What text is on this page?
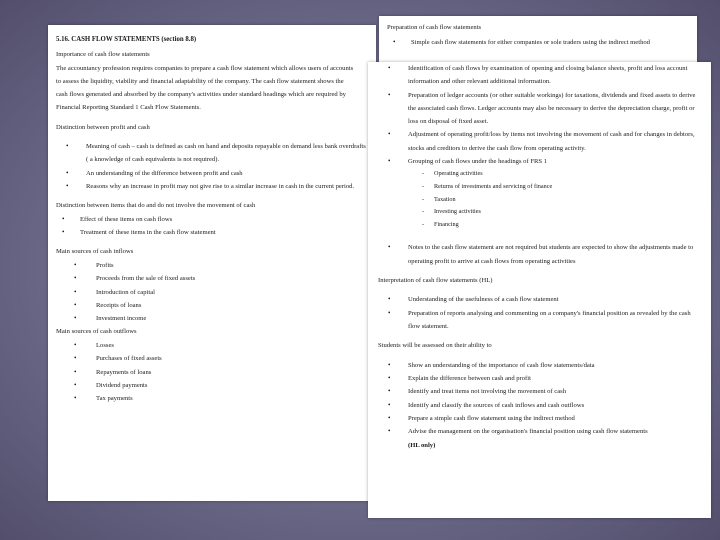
5.16. CASH FLOW STATEMENTS (section 8.8)
Importance of cash flow statements
The accountancy profession requires companies to prepare a cash flow statement which allows users of accounts to assess the liquidity, viability and financial adaptability of the company. The cash flow statement shows the cash flows generated and absorbed by the company's activities under standard headings which are required by Financial Reporting Standard 1 Cash Flow Statements.
Distinction between profit and cash
• Meaning of cash – cash is defined as cash on hand and deposits repayable on demand less bank overdrafts ( a knowledge of cash equivalents is not required).
• An understanding of the difference between profit and cash
• Reasons why an increase in profit may not give rise to a similar increase in cash in the current period.
Distinction between items that do and do not involve the movement of cash
• Effect of these items on cash flows
• Treatment of these items in the cash flow statement
Main sources of cash inflows
• Profits
• Proceeds from the sale of fixed assets
• Introduction of capital
• Receipts of loans
• Investment income
Main sources of cash outflows
• Losses
• Purchases of fixed assets
• Repayments of loans
• Dividend payments
• Tax payments
Preparation of cash flow statements
• Simple cash flow statements for either companies or sole traders using the indirect method
• Identification of cash flows by examination of opening and closing balance sheets, profit and loss account information and other relevant additional information.
• Preparation of ledger accounts (or other suitable workings) for taxations, dividends and fixed assets to derive the associated cash flows. Ledger accounts may also be necessary to derive the depreciation charge, profit or loss on disposal of fixed asset.
• Adjustment of operating profit/loss by items not involving the movement of cash and for changes in debtors, stocks and creditors to derive the cash flow from operating activity.
• Grouping of cash flows under the headings of FRS 1
- Operating activities
- Returns of investments and servicing of finance
- Taxation
- Investing activities
- Financing
• Notes to the cash flow statement are not required but students are expected to show the adjustments made to operating profit to arrive at cash flows from operating activities
Interpretation of cash flow statements (HL)
• Understanding of the usefulness of a cash flow statement
• Preparation of reports analysing and commenting on a company's financial position as revealed by the cash flow statement.
Students will be assessed on their ability to
• Show an understanding of the importance of cash flow statements/data
• Explain the difference between cash and profit
• Identify and treat items not involving the movement of cash
• Identify and classify the sources of cash inflows and cash outflows
• Prepare a simple cash flow statement using the indirect method
• Advise the management on the organisation's financial position using cash flow statements
(HL only)
